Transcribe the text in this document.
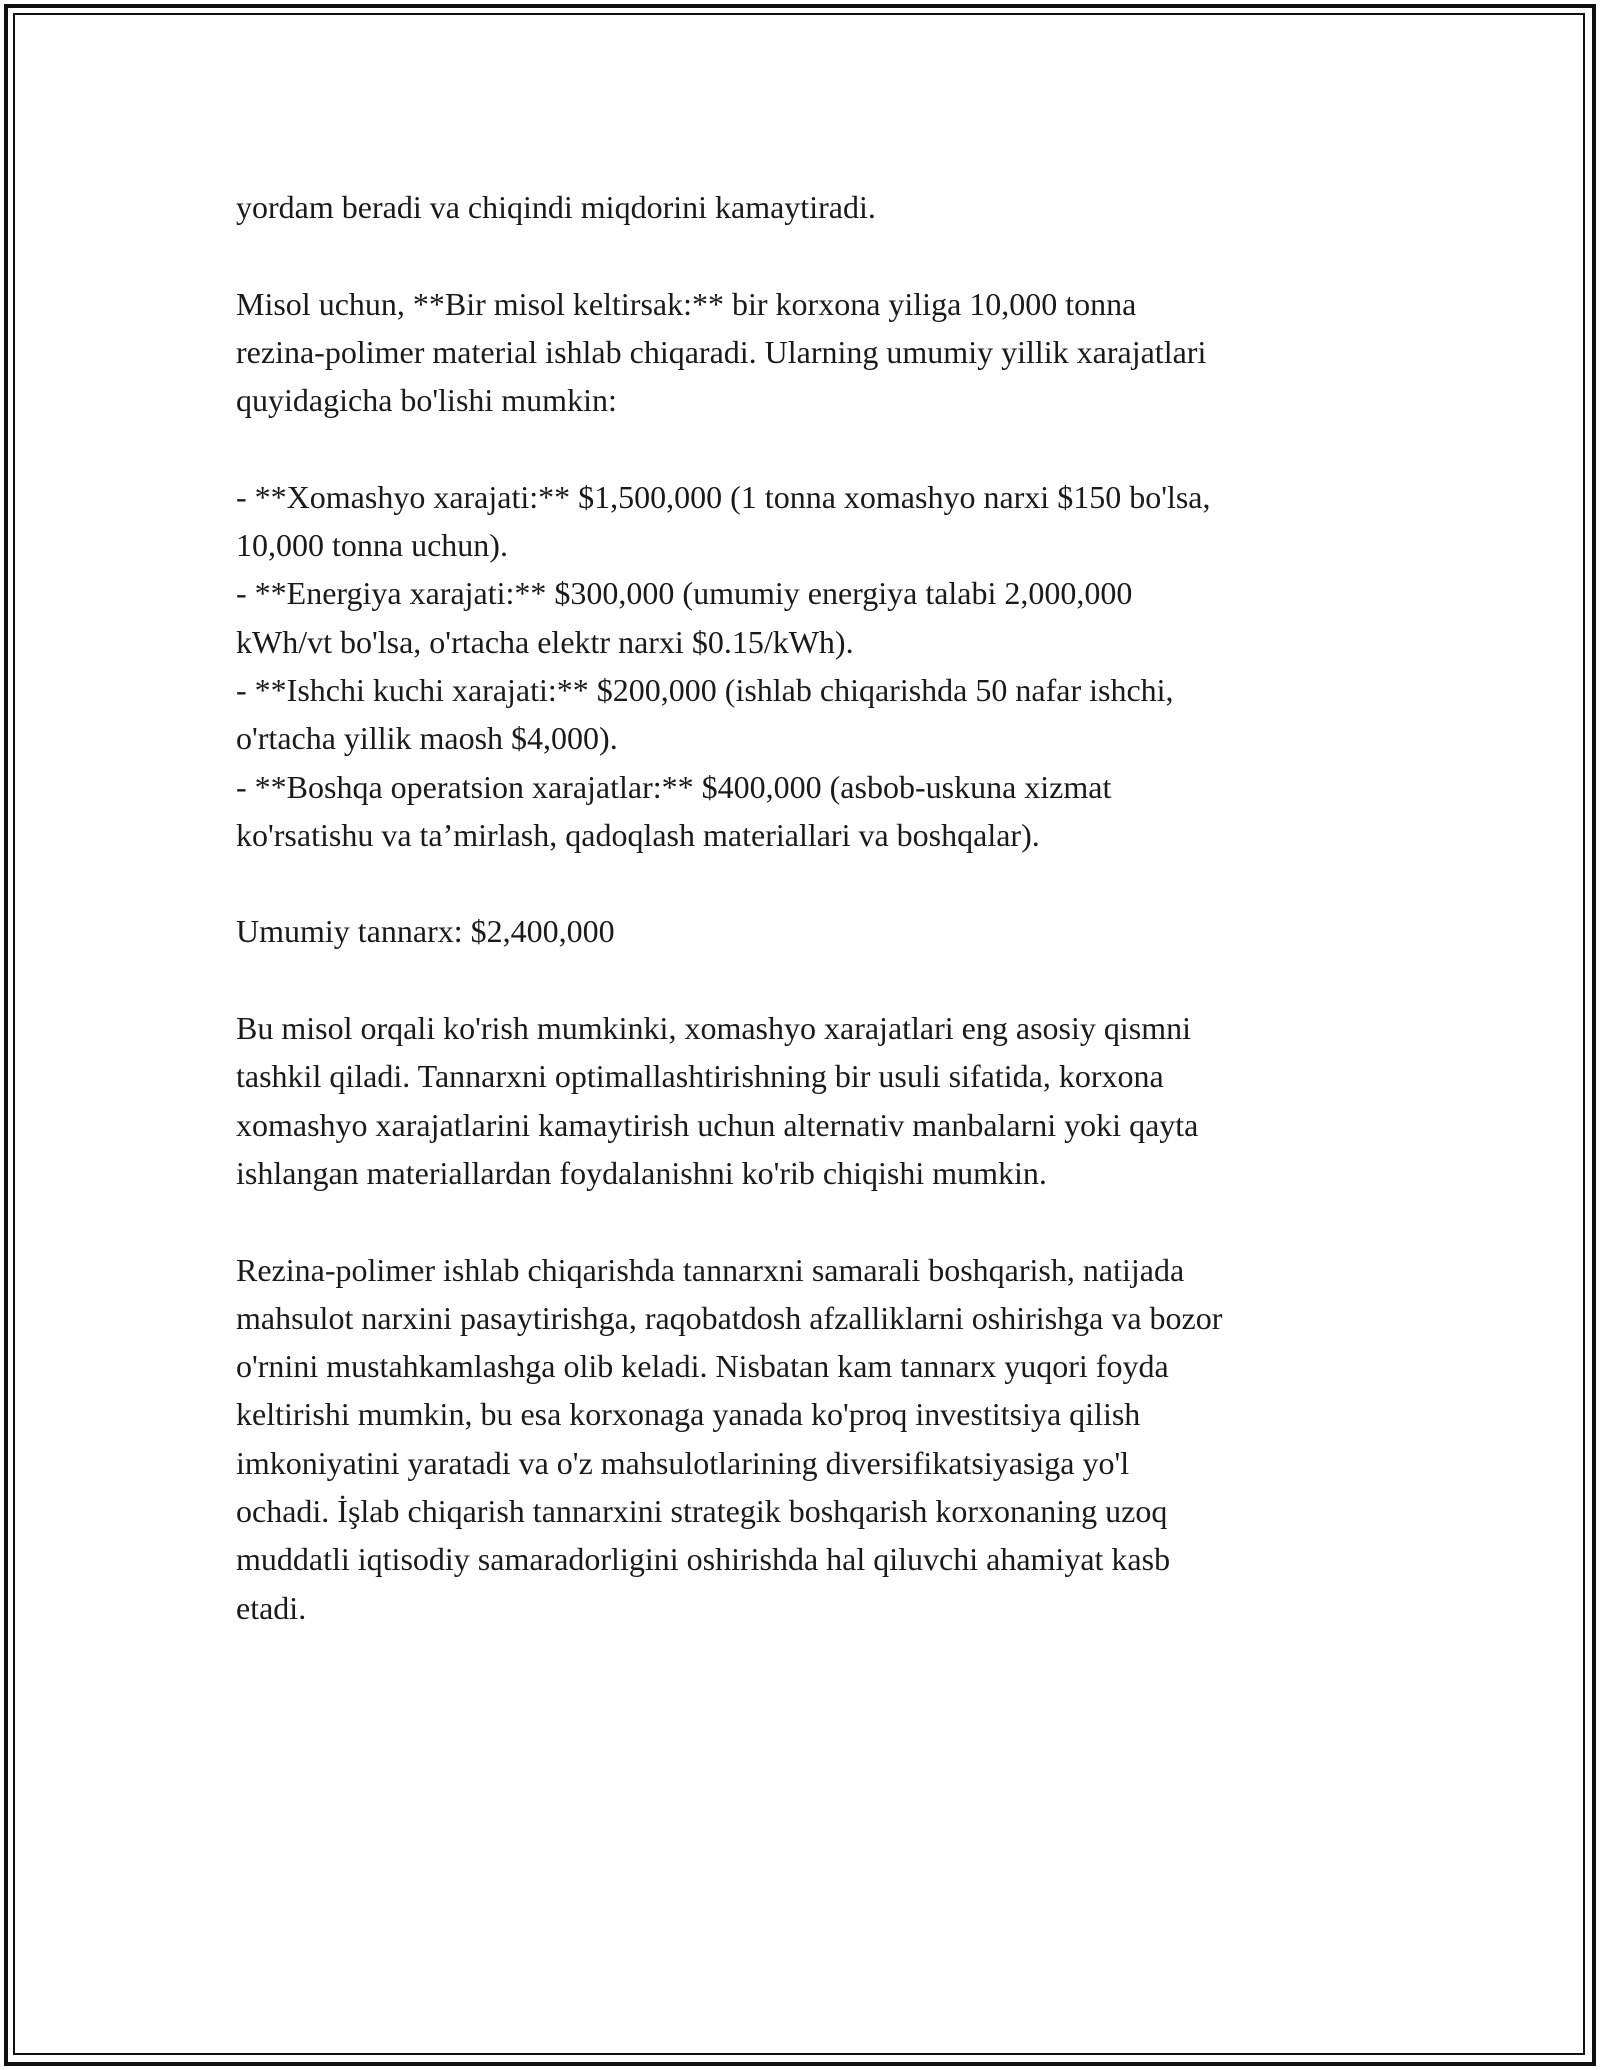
yordam beradi va chiqindi miqdorini kamaytiradi.

Misol uchun, **Bir misol keltirsak:** bir korxona yiliga 10,000 tonna
rezina-polimer material ishlab chiqaradi. Ularning umumiy yillik xarajatlari
quyidagicha bo'lishi mumkin:

- **Xomashyo xarajati:** $1,500,000 (1 tonna xomashyo narxi $150 bo'lsa,
10,000 tonna uchun).
- **Energiya xarajati:** $300,000 (umumiy energiya talabi 2,000,000
kWh/vt bo'lsa, o'rtacha elektr narxi $0.15/kWh).
- **Ishchi kuchi xarajati:** $200,000 (ishlab chiqarishda 50 nafar ishchi,
o'rtacha yillik maosh $4,000).
- **Boshqa operatsion xarajatlar:** $400,000 (asbob-uskuna xizmat
ko'rsatishu va ta’mirlash, qadoqlash materiallari va boshqalar).

Umumiy tannarx: $2,400,000

Bu misol orqali ko'rish mumkinki, xomashyo xarajatlari eng asosiy qismni
tashkil qiladi. Tannarxni optimallashtirishning bir usuli sifatida, korxona
xomashyo xarajatlarini kamaytirish uchun alternativ manbalarni yoki qayta
ishlangan materiallardan foydalanishni ko'rib chiqishi mumkin.

Rezina-polimer ishlab chiqarishda tannarxni samarali boshqarish, natijada
mahsulot narxini pasaytirishga, raqobatdosh afzalliklarni oshirishga va bozor
o'rnini mustahkamlashga olib keladi. Nisbatan kam tannarx yuqori foyda
keltirishi mumkin, bu esa korxonaga yanada ko'proq investitsiya qilish
imkoniyatini yaratadi va o'z mahsulotlarining diversifikatsiyasiga yo'l
ochadi. İşlab chiqarish tannarxini strategik boshqarish korxonaning uzoq
muddatli iqtisodiy samaradorligini oshirishda hal qiluvchi ahamiyat kasb
etadi.
